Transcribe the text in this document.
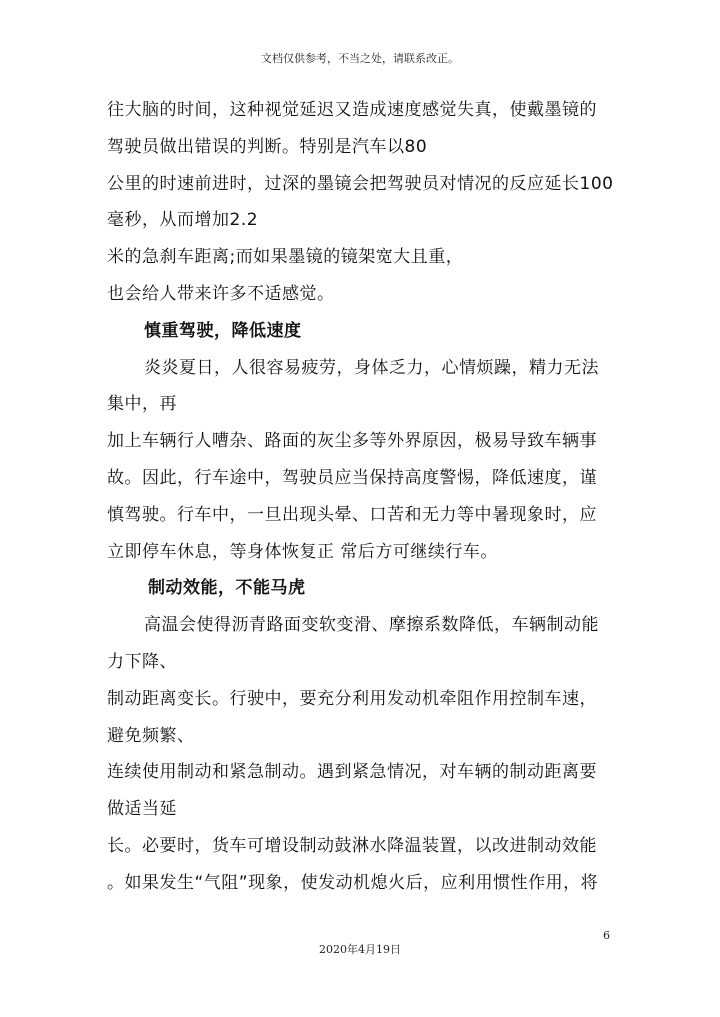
文档仅供参考，不当之处，请联系改正。
往大脑的时间，这种视觉延迟又造成速度感觉失真，使戴墨镜的
驾驶员做出错误的判断。特别是汽车以80
公里的时速前进时，过深的墨镜会把驾驶员对情况的反应延长100
毫秒，从而增加2.2
米的急刹车距离;而如果墨镜的镜架宽大且重，
也会给人带来许多不适感觉。
慎重驾驶，降低速度
炎炎夏日，人很容易疲劳，身体乏力，心情烦躁，精力无法
集中，再
加上车辆行人嘈杂、路面的灰尘多等外界原因，极易导致车辆事
故。因此，行车途中，驾驶员应当保持高度警惕，降低速度，谨
慎驾驶。行车中，一旦出现头晕、口苦和无力等中暑现象时，应
立即停车休息，等身体恢复正 常后方可继续行车。
制动效能，不能马虎
高温会使得沥青路面变软变滑、摩擦系数降低，车辆制动能
力下降、
制动距离变长。行驶中，要充分利用发动机牵阻作用控制车速，
避免频繁、
连续使用制动和紧急制动。遇到紧急情况，对车辆的制动距离要
做适当延
长。必要时，货车可增设制动鼓淋水降温装置，以改进制动效能
。如果发生“气阻”现象，使发动机熄火后，应利用惯性作用，将
6
2020年4月19日
